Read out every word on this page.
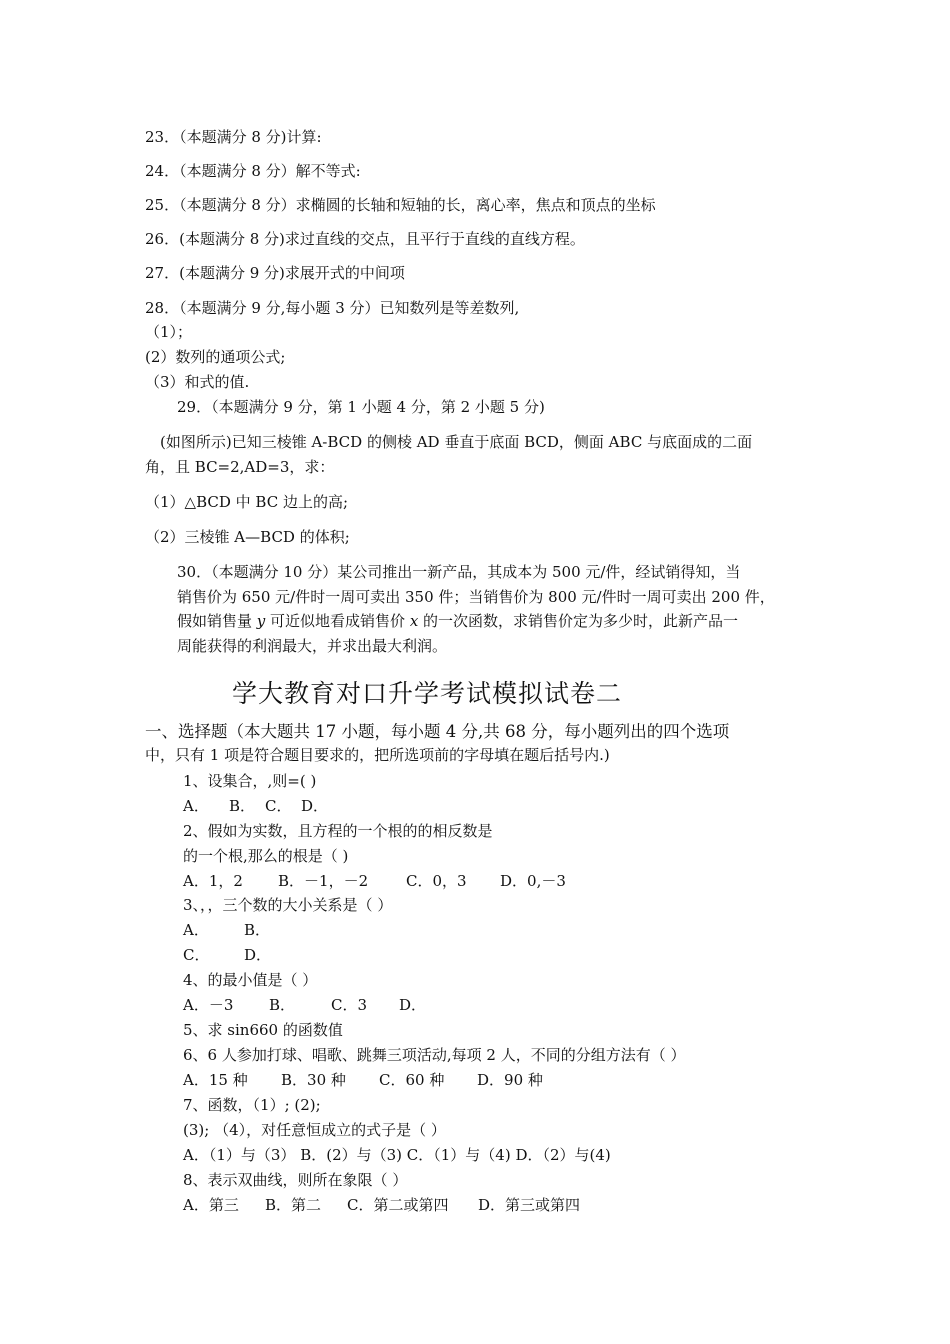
23．（本题满分 8 分)计算:
24．（本题满分 8 分）解不等式:
25．（本题满分 8 分）求椭圆的长轴和短轴的长，离心率，焦点和顶点的坐标
26．(本题满分 8 分)求过直线的交点，且平行于直线的直线方程。
27．(本题满分 9 分)求展开式的中间项
28．（本题满分 9 分,每小题 3 分）已知数列是等差数列,
（1）；
(2）数列的通项公式;
（3）和式的值.
29．（本题满分 9 分，第 1 小题 4 分，第 2 小题 5 分)
(如图所示)已知三棱锥 A-BCD 的侧棱 AD 垂直于底面 BCD，侧面 ABC 与底面成的二面
角，且 BC=2,AD=3，求：
（1）△BCD 中 BC 边上的高;
（2）三棱锥 A—BCD 的体积;
30．（本题满分 10 分）某公司推出一新产品，其成本为 500 元/件，经试销得知，当
销售价为 650 元/件时一周可卖出 350 件；当销售价为 800 元/件时一周可卖出 200 件，
假如销售量 y 可近似地看成销售价 x 的一次函数，求销售价定为多少时，此新产品一
周能获得的利润最大，并求出最大利润。
学大教育对口升学考试模拟试卷二
一、选择题（本大题共 17 小题，每小题 4 分,共 68 分，每小题列出的四个选项
中，只有 1 项是符合题目要求的，把所选项前的字母填在题后括号内.)
1、设集合，,则=( )
A． B． C． D．
2、假如为实数，且方程的一个根的的相反数是
的一个根,那么的根是（ )
A．1，2 B．－1，－2	C．0，3 D．0,－3
3、，，三个数的大小关系是（ ）
A． B．
C． D．
4、的最小值是（ ）
A．－3 B． C．3 D．
5、求 sin660 的函数值
6、6 人参加打球、唱歌、跳舞三项活动,每项 2 人，不同的分组方法有（ ）
A．15 种 B．30 种 C．60 种 D．90 种
7、函数，（1）; (2);
(3); （4），对任意恒成立的式子是（ ）
A．（1）与（3） B．(2）与（3) C．（1）与（4) D．（2）与(4)
8、表示双曲线，则所在象限（ ）
A．第三 B．第二 C．第二或第四 D．第三或第四
